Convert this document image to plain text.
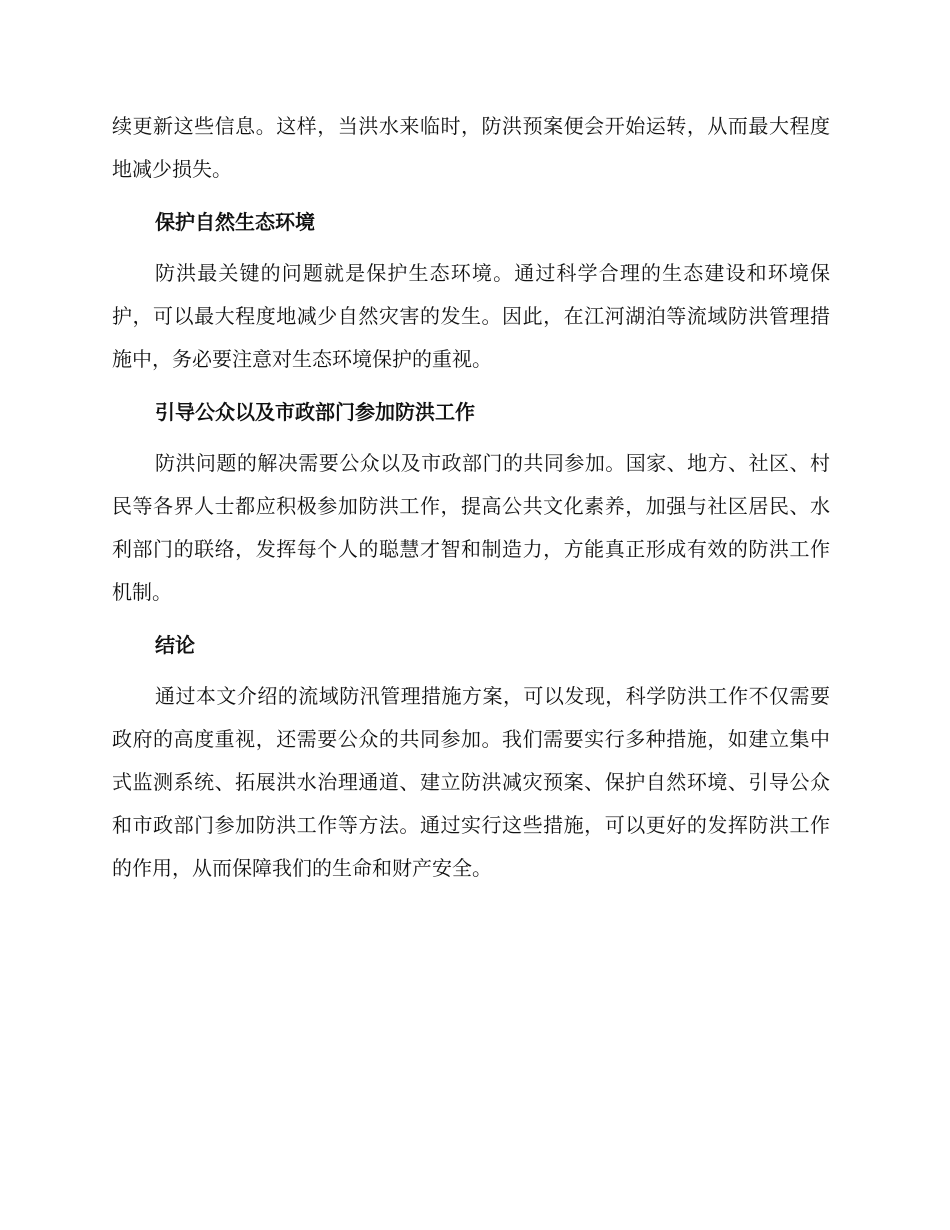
续更新这些信息。这样，当洪水来临时，防洪预案便会开始运转，从而最大程度地减少损失。

保护自然生态环境

防洪最关键的问题就是保护生态环境。通过科学合理的生态建设和环境保护，可以最大程度地减少自然灾害的发生。因此，在江河湖泊等流域防洪管理措施中，务必要注意对生态环境保护的重视。

引导公众以及市政部门参加防洪工作

防洪问题的解决需要公众以及市政部门的共同参加。国家、地方、社区、村民等各界人士都应积极参加防洪工作，提高公共文化素养，加强与社区居民、水利部门的联络，发挥每个人的聪慧才智和制造力，方能真正形成有效的防洪工作机制。

结论

通过本文介绍的流域防汛管理措施方案，可以发现，科学防洪工作不仅需要政府的高度重视，还需要公众的共同参加。我们需要实行多种措施，如建立集中式监测系统、拓展洪水治理通道、建立防洪减灾预案、保护自然环境、引导公众和市政部门参加防洪工作等方法。通过实行这些措施，可以更好的发挥防洪工作的作用，从而保障我们的生命和财产安全。
